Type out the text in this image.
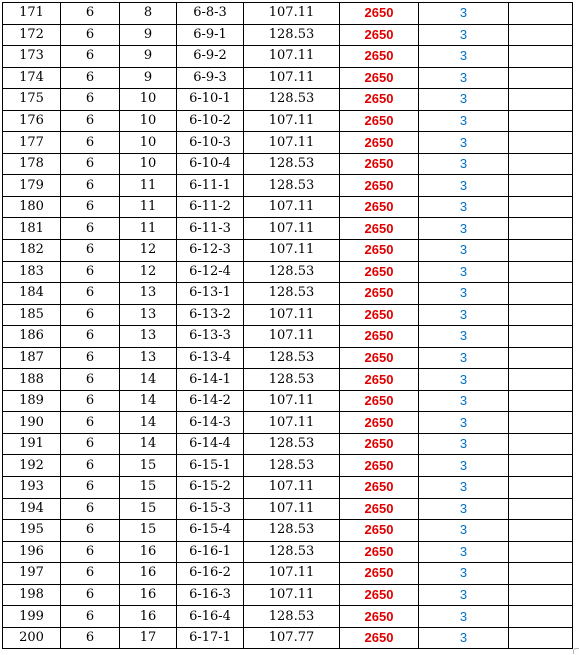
171	6	8	6-8-3	107.11	2650	3	
172	6	9	6-9-1	128.53	2650	3	
173	6	9	6-9-2	107.11	2650	3	
174	6	9	6-9-3	107.11	2650	3	
175	6	10	6-10-1	128.53	2650	3	
176	6	10	6-10-2	107.11	2650	3	
177	6	10	6-10-3	107.11	2650	3	
178	6	10	6-10-4	128.53	2650	3	
179	6	11	6-11-1	128.53	2650	3	
180	6	11	6-11-2	107.11	2650	3	
181	6	11	6-11-3	107.11	2650	3	
182	6	12	6-12-3	107.11	2650	3	
183	6	12	6-12-4	128.53	2650	3	
184	6	13	6-13-1	128.53	2650	3	
185	6	13	6-13-2	107.11	2650	3	
186	6	13	6-13-3	107.11	2650	3	
187	6	13	6-13-4	128.53	2650	3	
188	6	14	6-14-1	128.53	2650	3	
189	6	14	6-14-2	107.11	2650	3	
190	6	14	6-14-3	107.11	2650	3	
191	6	14	6-14-4	128.53	2650	3	
192	6	15	6-15-1	128.53	2650	3	
193	6	15	6-15-2	107.11	2650	3	
194	6	15	6-15-3	107.11	2650	3	
195	6	15	6-15-4	128.53	2650	3	
196	6	16	6-16-1	128.53	2650	3	
197	6	16	6-16-2	107.11	2650	3	
198	6	16	6-16-3	107.11	2650	3	
199	6	16	6-16-4	128.53	2650	3	
200	6	17	6-17-1	107.77	2650	3	
